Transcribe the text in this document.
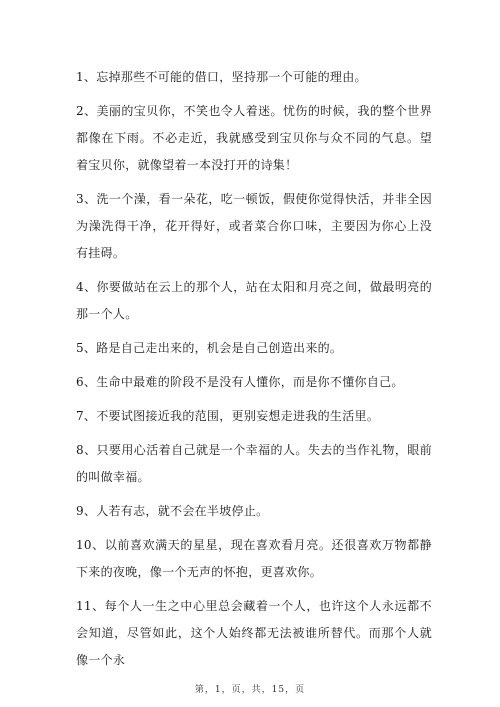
1、忘掉那些不可能的借口，坚持那一个可能的理由。

2、美丽的宝贝你，不笑也令人着迷。忧伤的时候，我的整个世界都像在下雨。不必走近，我就感受到宝贝你与众不同的气息。望着宝贝你，就像望着一本没打开的诗集！

3、洗一个澡，看一朵花，吃一顿饭，假使你觉得快活，并非全因为澡洗得干净，花开得好，或者菜合你口味，主要因为你心上没有挂碍。

4、你要做站在云上的那个人，站在太阳和月亮之间，做最明亮的那一个人。

5、路是自己走出来的，机会是自己创造出来的。

6、生命中最难的阶段不是没有人懂你，而是你不懂你自己。

7、不要试图接近我的范围，更别妄想走进我的生活里。

8、只要用心活着自己就是一个幸福的人。失去的当作礼物，眼前的叫做幸福。

9、人若有志，就不会在半坡停止。

10、以前喜欢满天的星星，现在喜欢看月亮。还很喜欢万物都静下来的夜晚，像一个无声的怀抱，更喜欢你。

11、每个人一生之中心里总会藏着一个人，也许这个人永远都不会知道，尽管如此，这个人始终都无法被谁所替代。而那个人就像一个永

第，1，页，共，15，页
